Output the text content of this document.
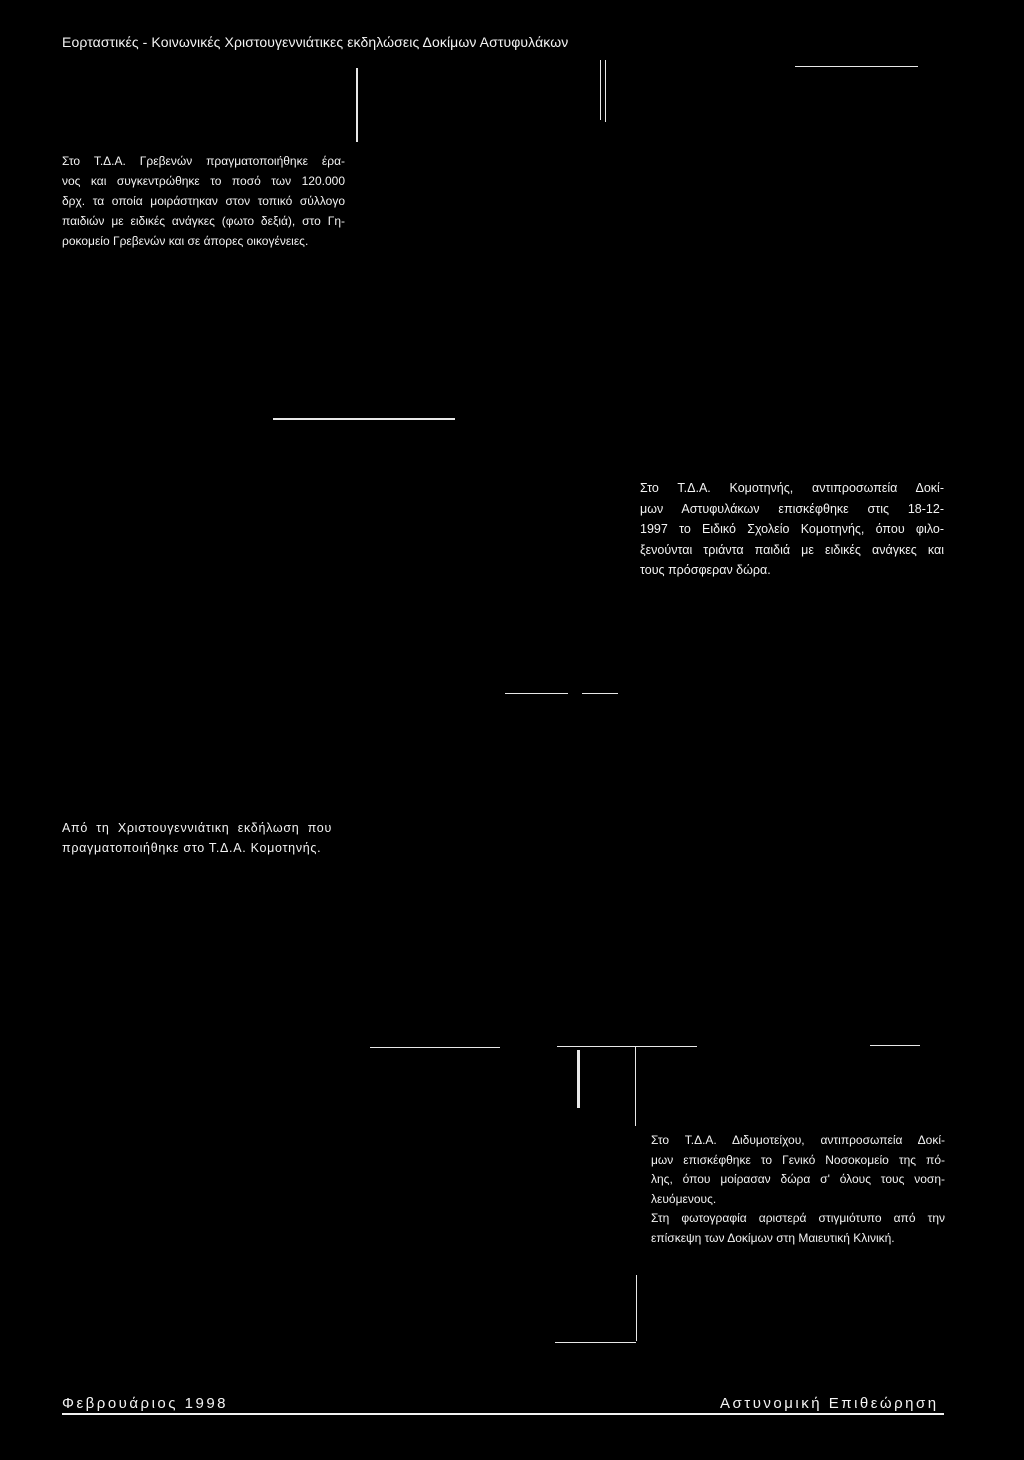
Εορταστικές - Κοινωνικές Χριστουγεννιάτικες εκδηλώσεις Δοκίμων Αστυφυλάκων
Στο Τ.Δ.Α. Γρεβενών πραγματοποιήθηκε έρα-
νος και συγκεντρώθηκε το ποσό των 120.000
δρχ. τα οποία μοιράστηκαν στον τοπικό σύλλογο
παιδιών με ειδικές ανάγκες (φωτο δεξιά), στο Γη-
ροκομείο Γρεβενών και σε άπορες οικογένειες.
Στο Τ.Δ.Α. Κομοτηνής, αντιπροσωπεία Δοκί-
μων Αστυφυλάκων επισκέφθηκε στις 18-12-
1997 το Ειδικό Σχολείο Κομοτηνής, όπου φιλο-
ξενούνται τριάντα παιδιά με ειδικές ανάγκες και
τους πρόσφεραν δώρα.
Από τη Χριστουγεννιάτικη εκδήλωση που
πραγματοποιήθηκε στο Τ.Δ.Α. Κομοτηνής.
Στο Τ.Δ.Α. Διδυμοτείχου, αντιπροσωπεία Δοκί-
μων επισκέφθηκε το Γενικό Νοσοκομείο της πό-
λης, όπου μοίρασαν δώρα σ' όλους τους νοση-
λευόμενους.
Στη φωτογραφία αριστερά στιγμιότυπο από την
επίσκεψη των Δοκίμων στη Μαιευτική Κλινική.
Φεβρουάριος 1998	Αστυνομική Επιθεώρηση
